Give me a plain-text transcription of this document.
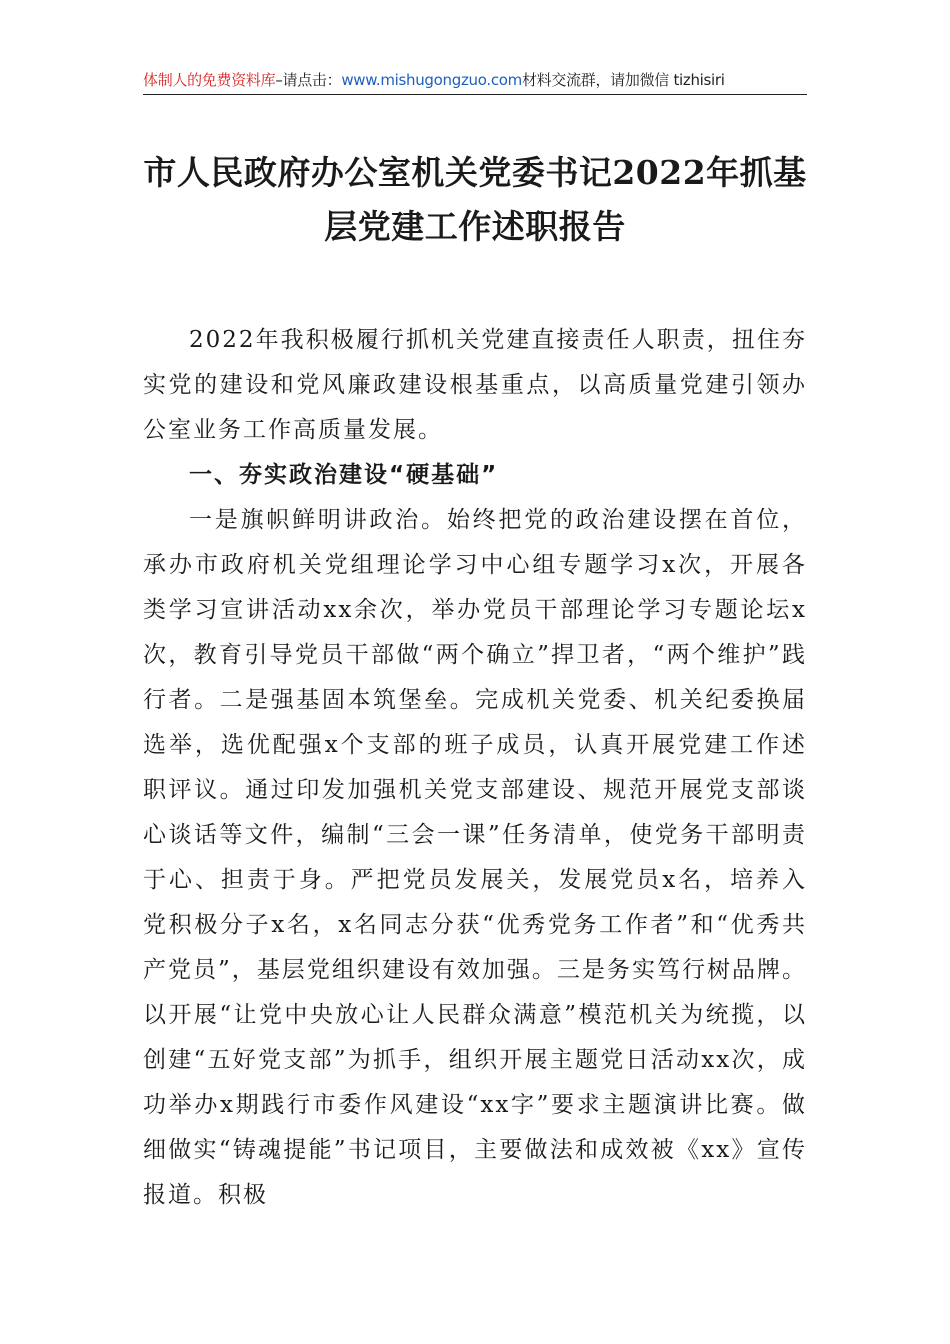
体制人的免费资料库–请点击：www.mishugongzuo.com材料交流群，请加微信 tizhisiri
市人民政府办公室机关党委书记2022年抓基层党建工作述职报告

2022年我积极履行抓机关党建直接责任人职责，扭住夯实党的建设和党风廉政建设根基重点，以高质量党建引领办公室业务工作高质量发展。

一、夯实政治建设“硬基础”

一是旗帜鲜明讲政治。始终把党的政治建设摆在首位，承办市政府机关党组理论学习中心组专题学习x次，开展各类学习宣讲活动xx余次，举办党员干部理论学习专题论坛x次，教育引导党员干部做“两个确立”捍卫者，“两个维护”践行者。二是强基固本筑堡垒。完成机关党委、机关纪委换届选举，选优配强x个支部的班子成员，认真开展党建工作述职评议。通过印发加强机关党支部建设、规范开展党支部谈心谈话等文件，编制“三会一课”任务清单，使党务干部明责于心、担责于身。严把党员发展关，发展党员x名，培养入党积极分子x名，x名同志分获“优秀党务工作者”和“优秀共产党员”，基层党组织建设有效加强。三是务实笃行树品牌。以开展“让党中央放心让人民群众满意”模范机关为统揽，以创建“五好党支部”为抓手，组织开展主题党日活动xx次，成功举办x期践行市委作风建设“xx字”要求主题演讲比赛。做细做实“铸魂提能”书记项目，主要做法和成效被《xx》宣传报道。积极
